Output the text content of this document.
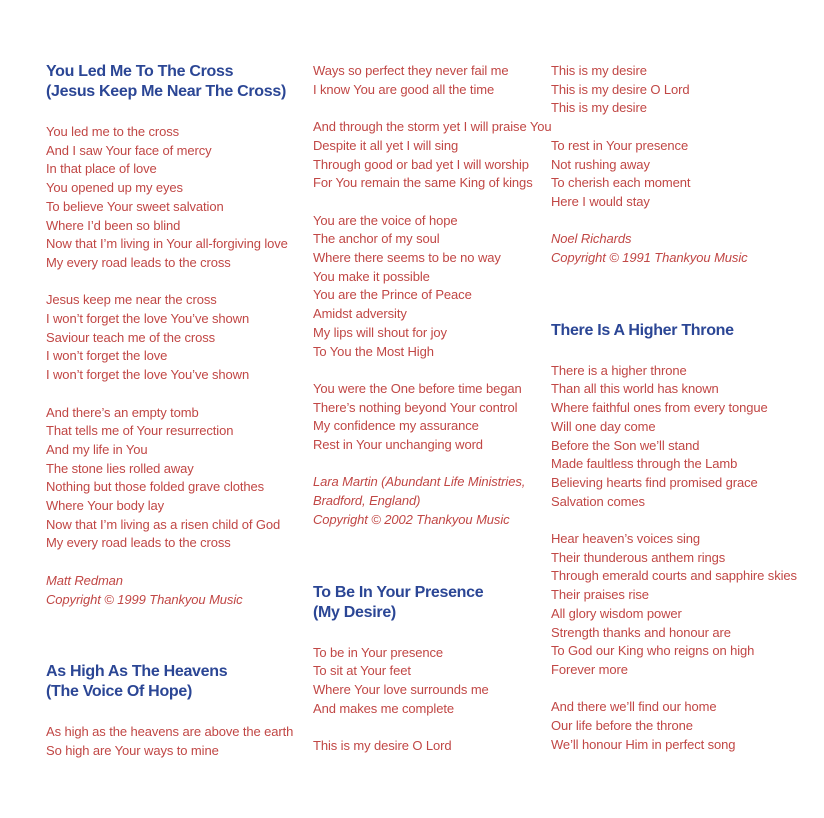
You Led Me To The Cross
(Jesus Keep Me Near The Cross)
You led me to the cross
And I saw Your face of mercy
In that place of love
You opened up my eyes
To believe Your sweet salvation
Where I’d been so blind
Now that I’m living in Your all-forgiving love
My every road leads to the cross
Jesus keep me near the cross
I won’t forget the love You’ve shown
Saviour teach me of the cross
I won’t forget the love
I won’t forget the love You’ve shown
And there’s an empty tomb
That tells me of Your resurrection
And my life in You
The stone lies rolled away
Nothing but those folded grave clothes
Where Your body lay
Now that I’m living as a risen child of God
My every road leads to the cross
Matt Redman
Copyright © 1999 Thankyou Music
As High As The Heavens
(The Voice Of Hope)
As high as the heavens are above the earth
So high are Your ways to mine
Ways so perfect they never fail me
I know You are good all the time
And through the storm yet I will praise You
Despite it all yet I will sing
Through good or bad yet I will worship
For You remain the same King of kings
You are the voice of hope
The anchor of my soul
Where there seems to be no way
You make it possible
You are the Prince of Peace
Amidst adversity
My lips will shout for joy
To You the Most High
You were the One before time began
There’s nothing beyond Your control
My confidence my assurance
Rest in Your unchanging word
Lara Martin (Abundant Life Ministries,
Bradford, England)
Copyright © 2002 Thankyou Music
To Be In Your Presence
(My Desire)
To be in Your presence
To sit at Your feet
Where Your love surrounds me
And makes me complete
This is my desire O Lord
This is my desire
This is my desire O Lord
This is my desire
To rest in Your presence
Not rushing away
To cherish each moment
Here I would stay
Noel Richards
Copyright © 1991 Thankyou Music
There Is A Higher Throne
There is a higher throne
Than all this world has known
Where faithful ones from every tongue
Will one day come
Before the Son we’ll stand
Made faultless through the Lamb
Believing hearts find promised grace
Salvation comes
Hear heaven’s voices sing
Their thunderous anthem rings
Through emerald courts and sapphire skies
Their praises rise
All glory wisdom power
Strength thanks and honour are
To God our King who reigns on high
Forever more
And there we’ll find our home
Our life before the throne
We’ll honour Him in perfect song
